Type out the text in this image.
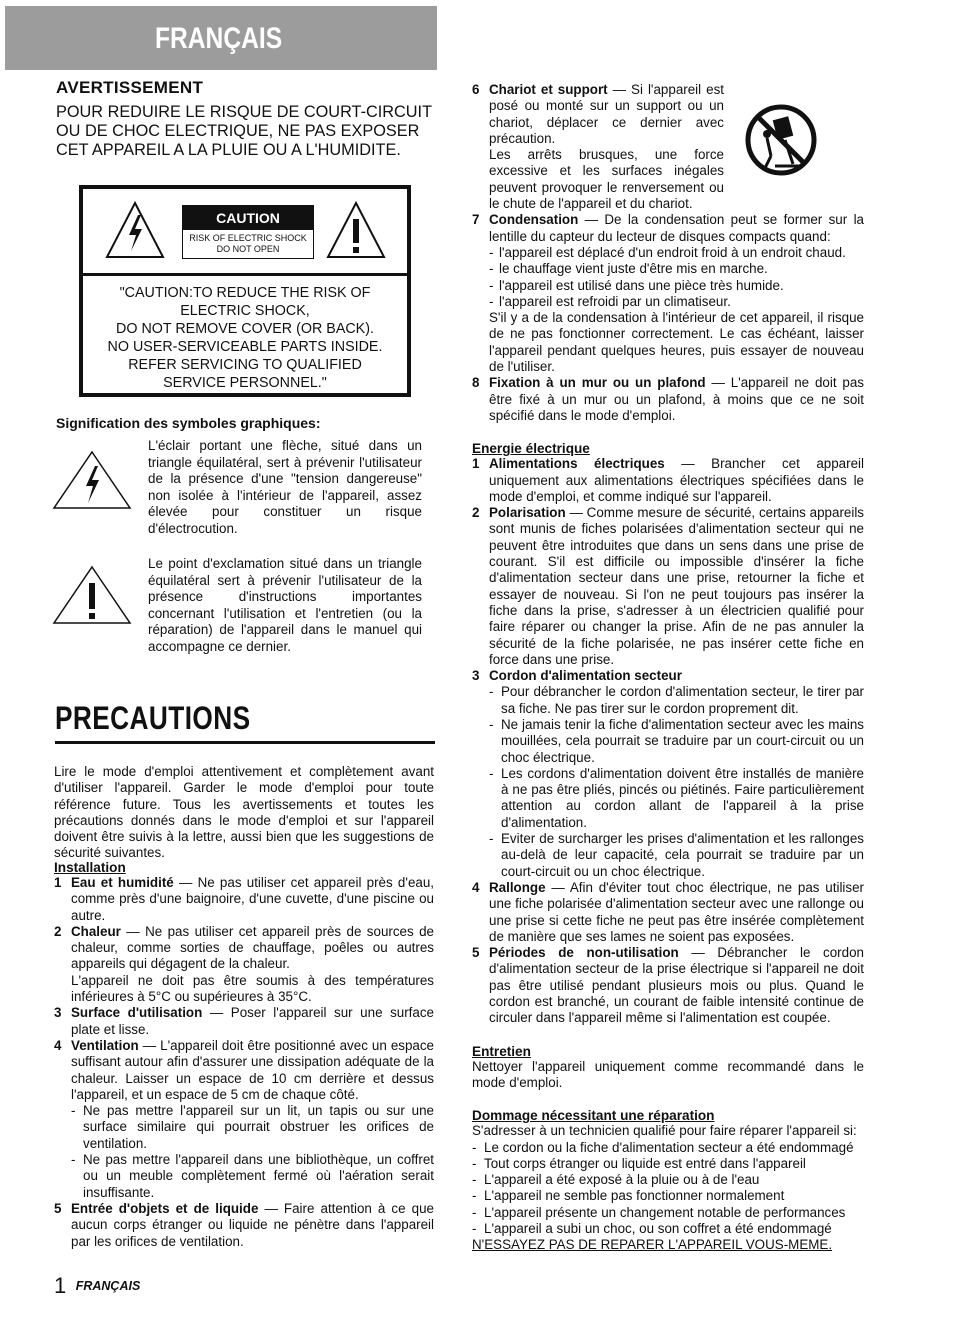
FRANÇAIS
AVERTISSEMENT
POUR REDUIRE LE RISQUE DE COURT-CIRCUIT OU DE CHOC ELECTRIQUE, NE PAS EXPOSER CET APPAREIL A LA PLUIE OU A L'HUMIDITE.
CAUTION
RISK OF ELECTRIC SHOCK
DO NOT OPEN
"CAUTION:TO REDUCE THE RISK OF
ELECTRIC SHOCK,
DO NOT REMOVE COVER (OR BACK).
NO USER-SERVICEABLE PARTS INSIDE.
REFER SERVICING TO QUALIFIED
SERVICE PERSONNEL."
Signification des symboles graphiques:
L'éclair portant une flèche, situé dans un triangle équilatéral, sert à prévenir l'utilisateur de la présence d'une "tension dangereuse" non isolée à l'intérieur de l'appareil, assez élevée pour constituer un risque d'électrocution.
Le point d'exclamation situé dans un triangle équilatéral sert à prévenir l'utilisateur de la présence d'instructions importantes concernant l'utilisation et l'entretien (ou la réparation) de l'appareil dans le manuel qui accompagne ce dernier.
PRECAUTIONS
Lire le mode d'emploi attentivement et complètement avant d'utiliser l'appareil. Garder le mode d'emploi pour toute référence future. Tous les avertissements et toutes les précautions donnés dans le mode d'emploi et sur l'appareil doivent être suivis à la lettre, aussi bien que les suggestions de sécurité suivantes.
Installation
1 Eau et humidité — Ne pas utiliser cet appareil près d'eau, comme près d'une baignoire, d'une cuvette, d'une piscine ou autre.
2 Chaleur — Ne pas utiliser cet appareil près de sources de chaleur, comme sorties de chauffage, poêles ou autres appareils qui dégagent de la chaleur.
L'appareil ne doit pas être soumis à des températures inférieures à 5°C ou supérieures à 35°C.
3 Surface d'utilisation — Poser l'appareil sur une surface plate et lisse.
4 Ventilation — L'appareil doit être positionné avec un espace suffisant autour afin d'assurer une dissipation adéquate de la chaleur. Laisser un espace de 10 cm derrière et dessus l'appareil, et un espace de 5 cm de chaque côté.
- Ne pas mettre l'appareil sur un lit, un tapis ou sur une surface similaire qui pourrait obstruer les orifices de ventilation.
- Ne pas mettre l'appareil dans une bibliothèque, un coffret ou un meuble complètement fermé où l'aération serait insuffisante.
5 Entrée d'objets et de liquide — Faire attention à ce que aucun corps étranger ou liquide ne pénètre dans l'appareil par les orifices de ventilation.
6 Chariot et support — Si l'appareil est posé ou monté sur un support ou un chariot, déplacer ce dernier avec précaution.
Les arrêts brusques, une force excessive et les surfaces inégales peuvent provoquer le renversement ou le chute de l'appareil et du chariot.
7 Condensation — De la condensation peut se former sur la lentille du capteur du lecteur de disques compacts quand:
- l'appareil est déplacé d'un endroit froid à un endroit chaud.
- le chauffage vient juste d'être mis en marche.
- l'appareil est utilisé dans une pièce très humide.
- l'appareil est refroidi par un climatiseur.
S'il y a de la condensation à l'intérieur de cet appareil, il risque de ne pas fonctionner correctement. Le cas échéant, laisser l'appareil pendant quelques heures, puis essayer de nouveau de l'utiliser.
8 Fixation à un mur ou un plafond — L'appareil ne doit pas être fixé à un mur ou un plafond, à moins que ce ne soit spécifié dans le mode d'emploi.
Energie électrique
1 Alimentations électriques — Brancher cet appareil uniquement aux alimentations électriques spécifiées dans le mode d'emploi, et comme indiqué sur l'appareil.
2 Polarisation — Comme mesure de sécurité, certains appareils sont munis de fiches polarisées d'alimentation secteur qui ne peuvent être introduites que dans un sens dans une prise de courant. S'il est difficile ou impossible d'insérer la fiche d'alimentation secteur dans une prise, retourner la fiche et essayer de nouveau. Si l'on ne peut toujours pas insérer la fiche dans la prise, s'adresser à un électricien qualifié pour faire réparer ou changer la prise. Afin de ne pas annuler la sécurité de la fiche polarisée, ne pas insérer cette fiche en force dans une prise.
3 Cordon d'alimentation secteur
- Pour débrancher le cordon d'alimentation secteur, le tirer par sa fiche. Ne pas tirer sur le cordon proprement dit.
- Ne jamais tenir la fiche d'alimentation secteur avec les mains mouillées, cela pourrait se traduire par un court-circuit ou un choc électrique.
- Les cordons d'alimentation doivent être installés de manière à ne pas être pliés, pincés ou piétinés. Faire particulièrement attention au cordon allant de l'appareil à la prise d'alimentation.
- Eviter de surcharger les prises d'alimentation et les rallonges au-delà de leur capacité, cela pourrait se traduire par un court-circuit ou un choc électrique.
4 Rallonge — Afin d'éviter tout choc électrique, ne pas utiliser une fiche polarisée d'alimentation secteur avec une rallonge ou une prise si cette fiche ne peut pas être insérée complètement de manière que ses lames ne soient pas exposées.
5 Périodes de non-utilisation — Débrancher le cordon d'alimentation secteur de la prise électrique si l'appareil ne doit pas être utilisé pendant plusieurs mois ou plus. Quand le cordon est branché, un courant de faible intensité continue de circuler dans l'appareil même si l'alimentation est coupée.
Entretien
Nettoyer l'appareil uniquement comme recommandé dans le mode d'emploi.
Dommage nécessitant une réparation
S'adresser à un technicien qualifié pour faire réparer l'appareil si:
- Le cordon ou la fiche d'alimentation secteur a été endommagé
- Tout corps étranger ou liquide est entré dans l'appareil
- L'appareil a été exposé à la pluie ou à de l'eau
- L'appareil ne semble pas fonctionner normalement
- L'appareil présente un changement notable de performances
- L'appareil a subi un choc, ou son coffret a été endommagé
N'ESSAYEZ PAS DE REPARER L'APPAREIL VOUS-MEME.
1 FRANÇAIS
